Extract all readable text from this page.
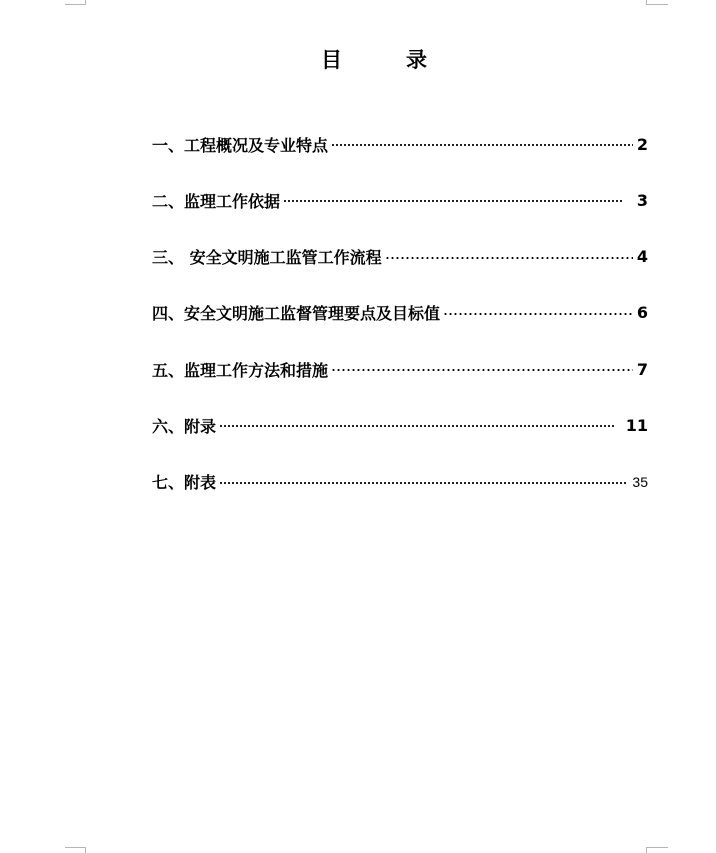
目	录
一、工程概况及专业特点	2
二、监理工作依据	3
三、 安全文明施工监管工作流程	4
四、安全文明施工监督管理要点及目标值	6
五、监理工作方法和措施	7
六、附录	11
七、附表	35
